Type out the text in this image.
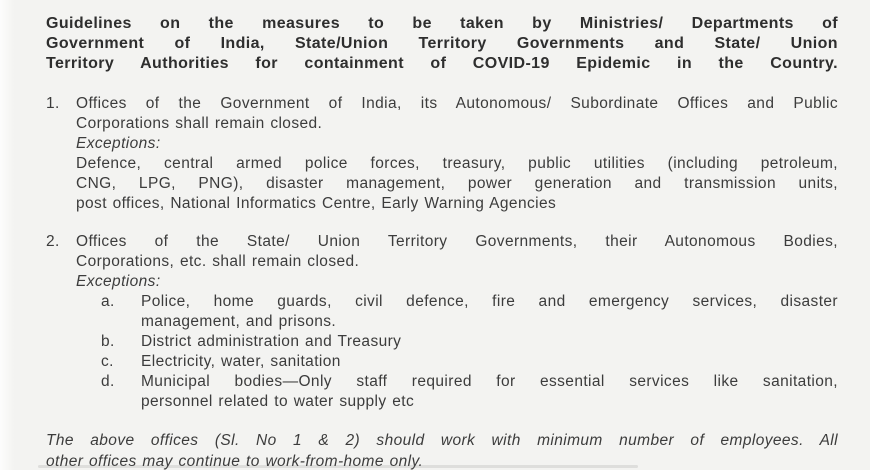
Guidelines on the measures to be taken by Ministries/ Departments of
Government of India, State/Union Territory Governments and State/ Union
Territory Authorities for containment of COVID-19 Epidemic in the Country.
1. Offices of the Government of India, its Autonomous/ Subordinate Offices and Public
Corporations shall remain closed.
Exceptions:
Defence, central armed police forces, treasury, public utilities (including petroleum,
CNG, LPG, PNG), disaster management, power generation and transmission units,
post offices, National Informatics Centre, Early Warning Agencies
2. Offices of the State/ Union Territory Governments, their Autonomous Bodies,
Corporations, etc. shall remain closed.
Exceptions:
a. Police, home guards, civil defence, fire and emergency services, disaster
management, and prisons.
b. District administration and Treasury
c. Electricity, water, sanitation
d. Municipal bodies—Only staff required for essential services like sanitation,
personnel related to water supply etc
The above offices (Sl. No 1 & 2) should work with minimum number of employees. All
other offices may continue to work-from-home only.
